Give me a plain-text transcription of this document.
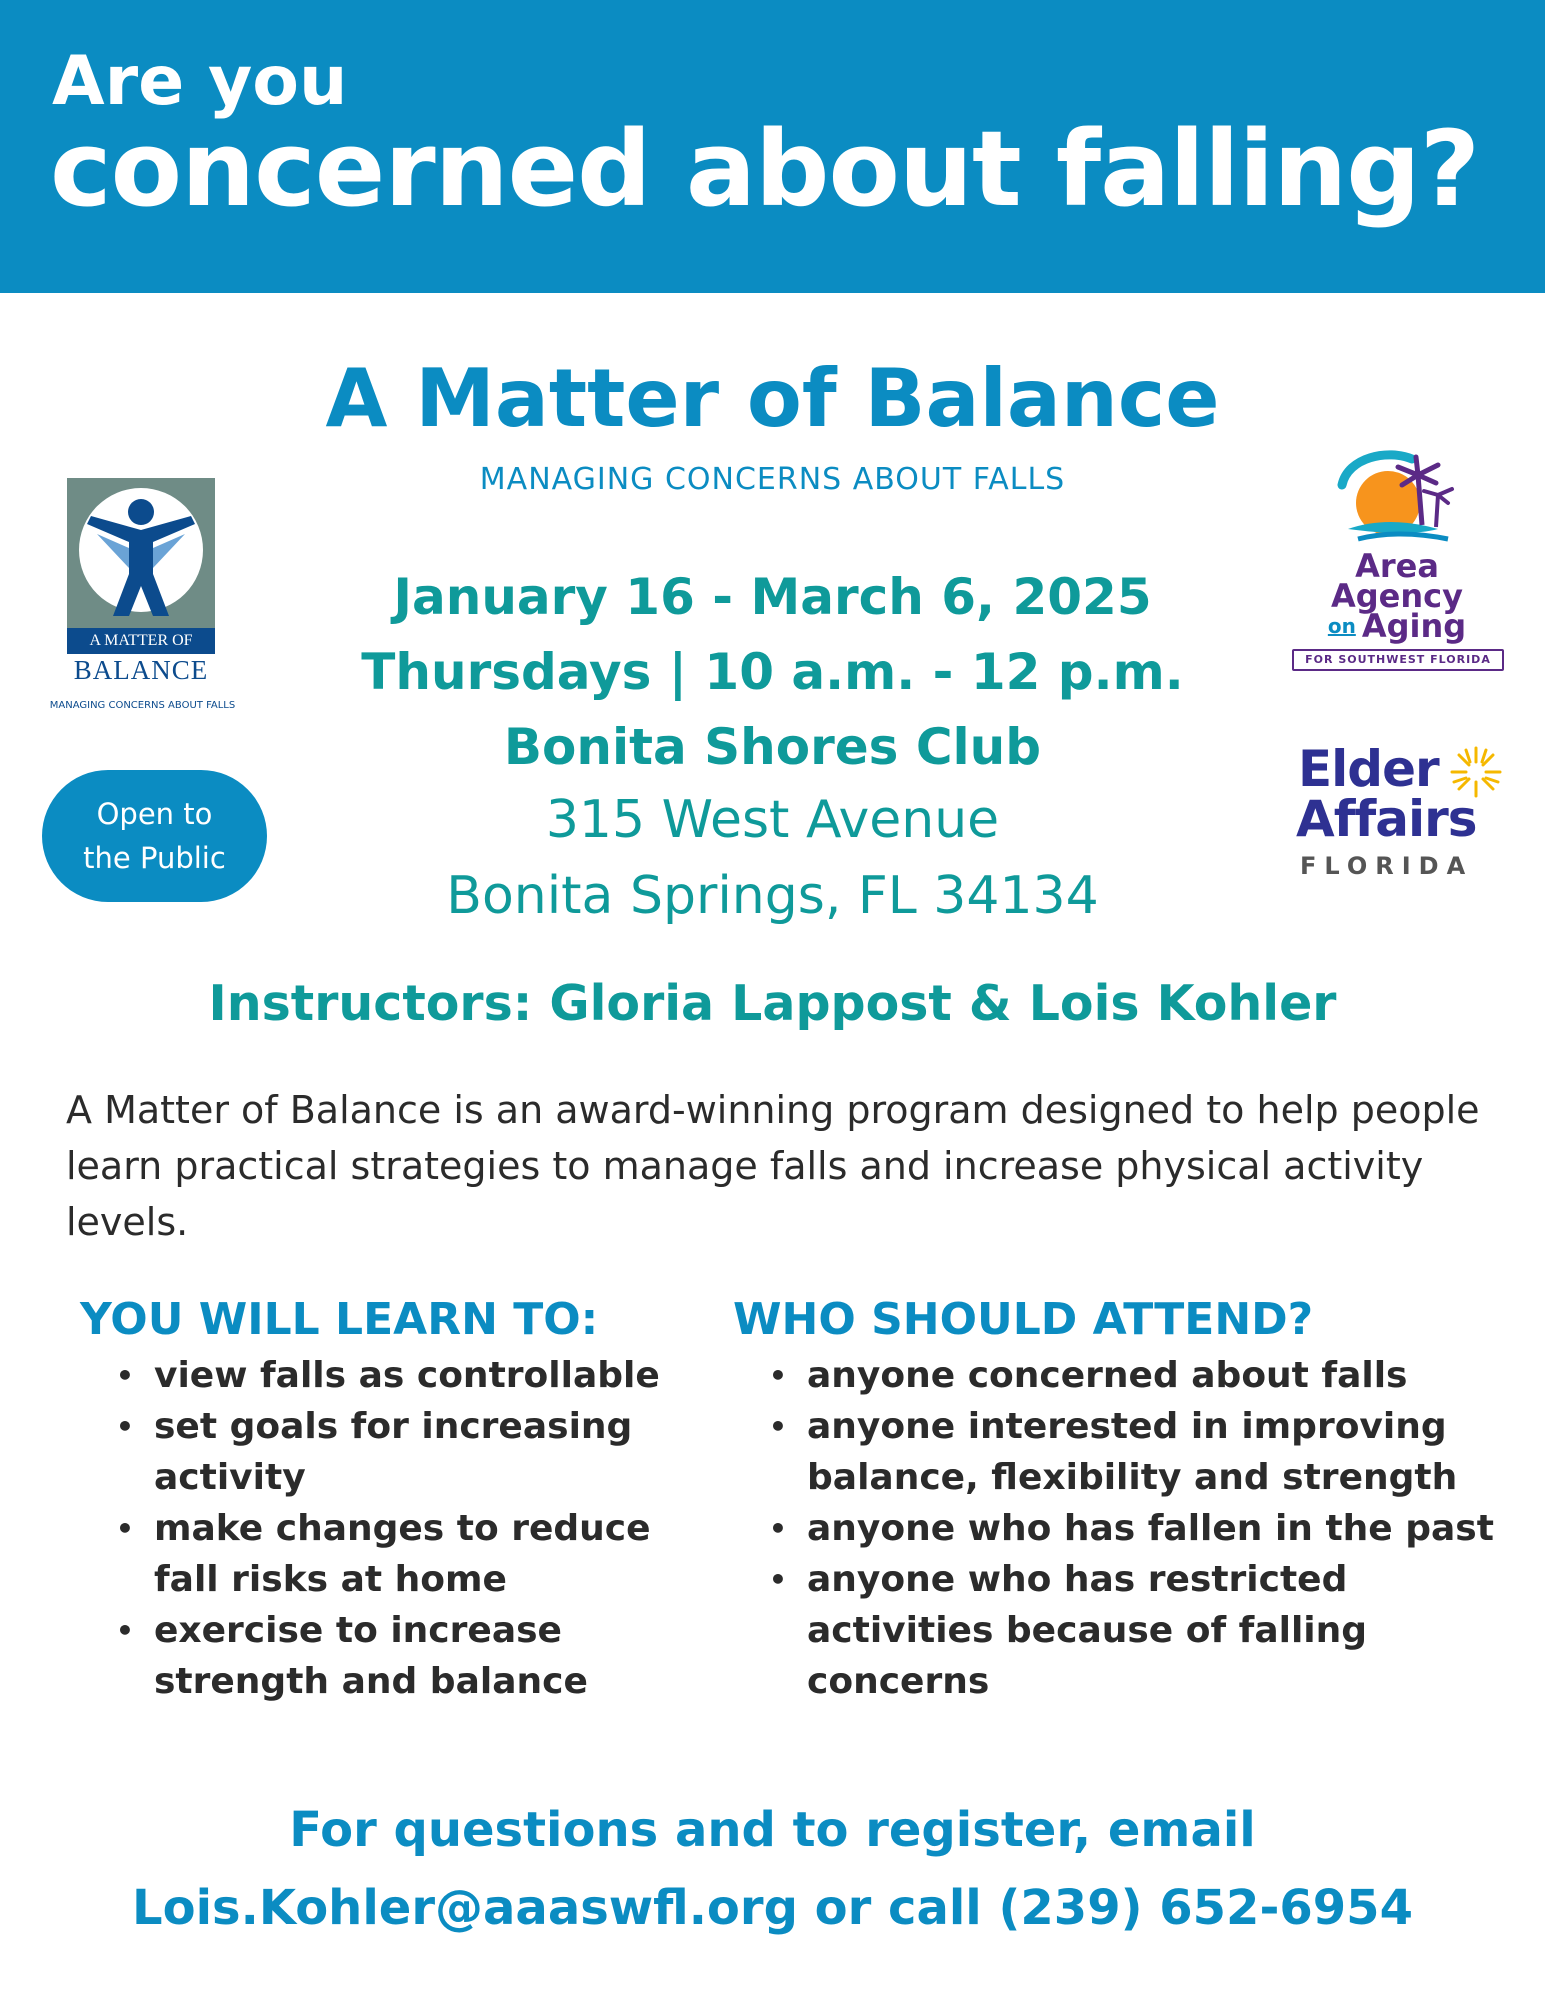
Are you
concerned about falling?
A Matter of Balance
MANAGING CONCERNS ABOUT FALLS
A MATTER OF
BALANCE
MANAGING CONCERNS ABOUT FALLS
Open to
the Public
January 16 - March 6, 2025
Thursdays | 10 a.m. - 12 p.m.
Bonita Shores Club
315 West Avenue
Bonita Springs, FL 34134
Area
Agency
on Aging
FOR SOUTHWEST FLORIDA
Elder
Affairs
FLORIDA
Instructors: Gloria Lappost & Lois Kohler
A Matter of Balance is an award-winning program designed to help people learn practical strategies to manage falls and increase physical activity levels.
YOU WILL LEARN TO:
• view falls as controllable
• set goals for increasing activity
• make changes to reduce fall risks at home
• exercise to increase strength and balance
WHO SHOULD ATTEND?
• anyone concerned about falls
• anyone interested in improving balance, flexibility and strength
• anyone who has fallen in the past
• anyone who has restricted activities because of falling concerns
For questions and to register, email
Lois.Kohler@aaaswfl.org or call (239) 652-6954
